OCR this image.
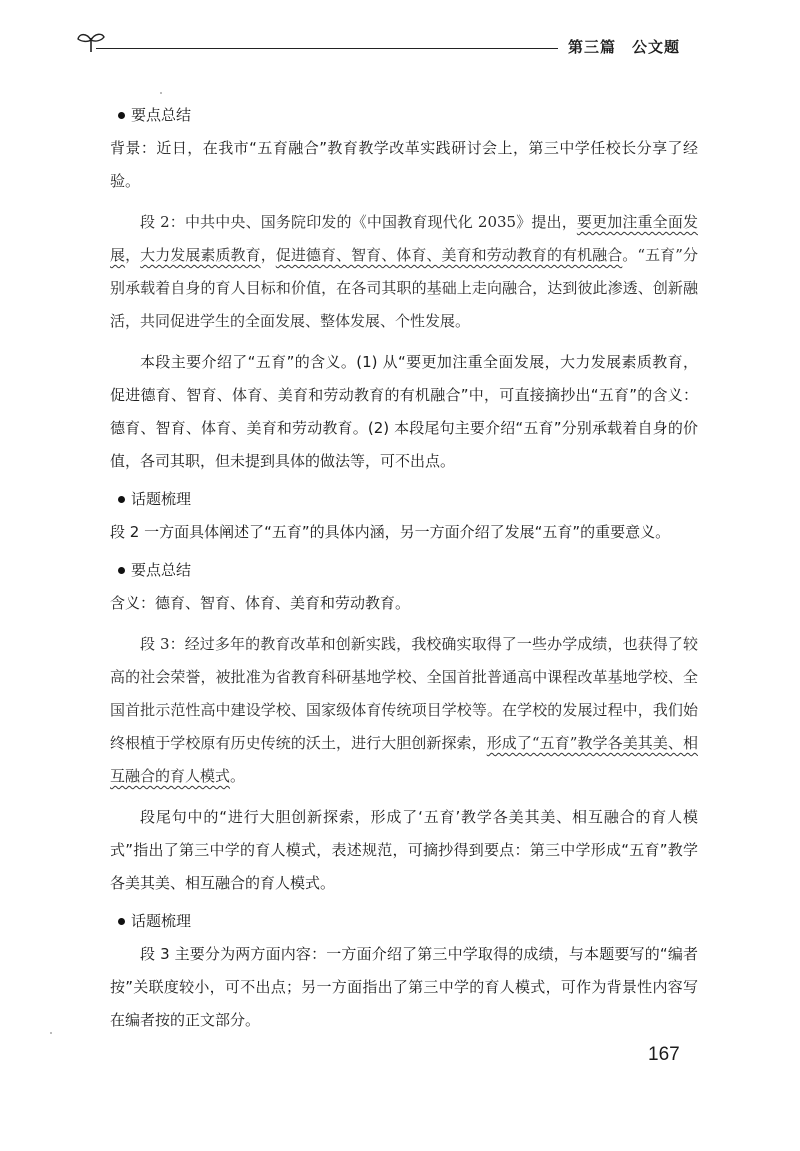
第三篇　公文题
要点总结

背景：近日，在我市“五育融合”教育教学改革实践研讨会上，第三中学任校长分享了经验。

段 2：中共中央、国务院印发的《中国教育现代化 2035》提出，要更加注重全面发展，大力发展素质教育，促进德育、智育、体育、美育和劳动教育的有机融合。“五育”分别承载着自身的育人目标和价值，在各司其职的基础上走向融合，达到彼此渗透、创新融活，共同促进学生的全面发展、整体发展、个性发展。

本段主要介绍了“五育”的含义。(1) 从“要更加注重全面发展，大力发展素质教育，促进德育、智育、体育、美育和劳动教育的有机融合”中，可直接摘抄出“五育”的含义：德育、智育、体育、美育和劳动教育。(2) 本段尾句主要介绍“五育”分别承载着自身的价值，各司其职，但未提到具体的做法等，可不出点。

话题梳理

段 2 一方面具体阐述了“五育”的具体内涵，另一方面介绍了发展“五育”的重要意义。

要点总结

含义：德育、智育、体育、美育和劳动教育。

段 3：经过多年的教育改革和创新实践，我校确实取得了一些办学成绩，也获得了较高的社会荣誉，被批准为省教育科研基地学校、全国首批普通高中课程改革基地学校、全国首批示范性高中建设学校、国家级体育传统项目学校等。在学校的发展过程中，我们始终根植于学校原有历史传统的沃土，进行大胆创新探索，形成了“五育”教学各美其美、相互融合的育人模式。

段尾句中的“进行大胆创新探索，形成了‘五育’教学各美其美、相互融合的育人模式”指出了第三中学的育人模式，表述规范，可摘抄得到要点：第三中学形成“五育”教学各美其美、相互融合的育人模式。

话题梳理

段 3 主要分为两方面内容：一方面介绍了第三中学取得的成绩，与本题要写的“编者按”关联度较小，可不出点；另一方面指出了第三中学的育人模式，可作为背景性内容写在编者按的正文部分。

167
